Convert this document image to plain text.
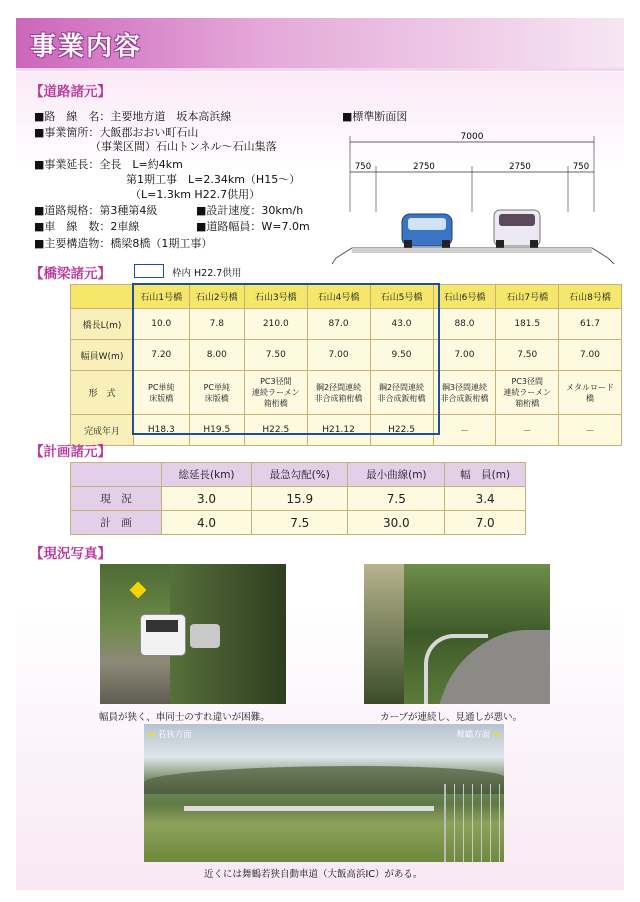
事業内容
【道路諸元】
■路　線　名：主要地方道　坂本高浜線
■事業箇所：大飯郡おおい町石山
（事業区間）石山トンネル～石山集落
■事業延長：全長　L=約4km
第1期工事　L=2.34km（H15～）
（L=1.3km H22.7供用）
■道路規格：第3種第4級	■設計速度：30km/h
■車　線　数：2車線	■道路幅員：W=7.0m
■主要構造物：橋梁8橋（1期工事）
■標準断面図
7000
750	2750	2750	750
【橋梁諸元】	枠内 H22.7供用
	石山1号橋	石山2号橋	石山3号橋	石山4号橋	石山5号橋	石山6号橋	石山7号橋	石山8号橋
橋長L(m)	10.0	7.8	210.0	87.0	43.0	88.0	181.5	61.7
幅員W(m)	7.20	8.00	7.50	7.00	9.50	7.00	7.50	7.00
形　式	PC単純
床版橋	PC単純
床版橋	PC3径間
連続ラーメン
箱桁橋	鋼2径間連続
非合成箱桁橋	鋼2径間連続
非合成鈑桁橋	鋼3径間連続
非合成鈑桁橋	PC3径間
連続ラーメン
箱桁橋	メタルロード
橋
完成年月	H18.3	H19.5	H22.5	H21.12	H22.5	－	－	－
【計画諸元】
	総延長(km)	最急勾配(%)	最小曲線(m)	幅　員(m)
現　況	3.0	15.9	7.5	3.4
計　画	4.0	7.5	30.0	7.0
【現況写真】
幅員が狭く、車同士のすれ違いが困難。	カーブが連続し、見通しが悪い。
⬅ 若狭方面	舞鶴方面 ➡
近くには舞鶴若狭自動車道（大飯高浜IC）がある。
